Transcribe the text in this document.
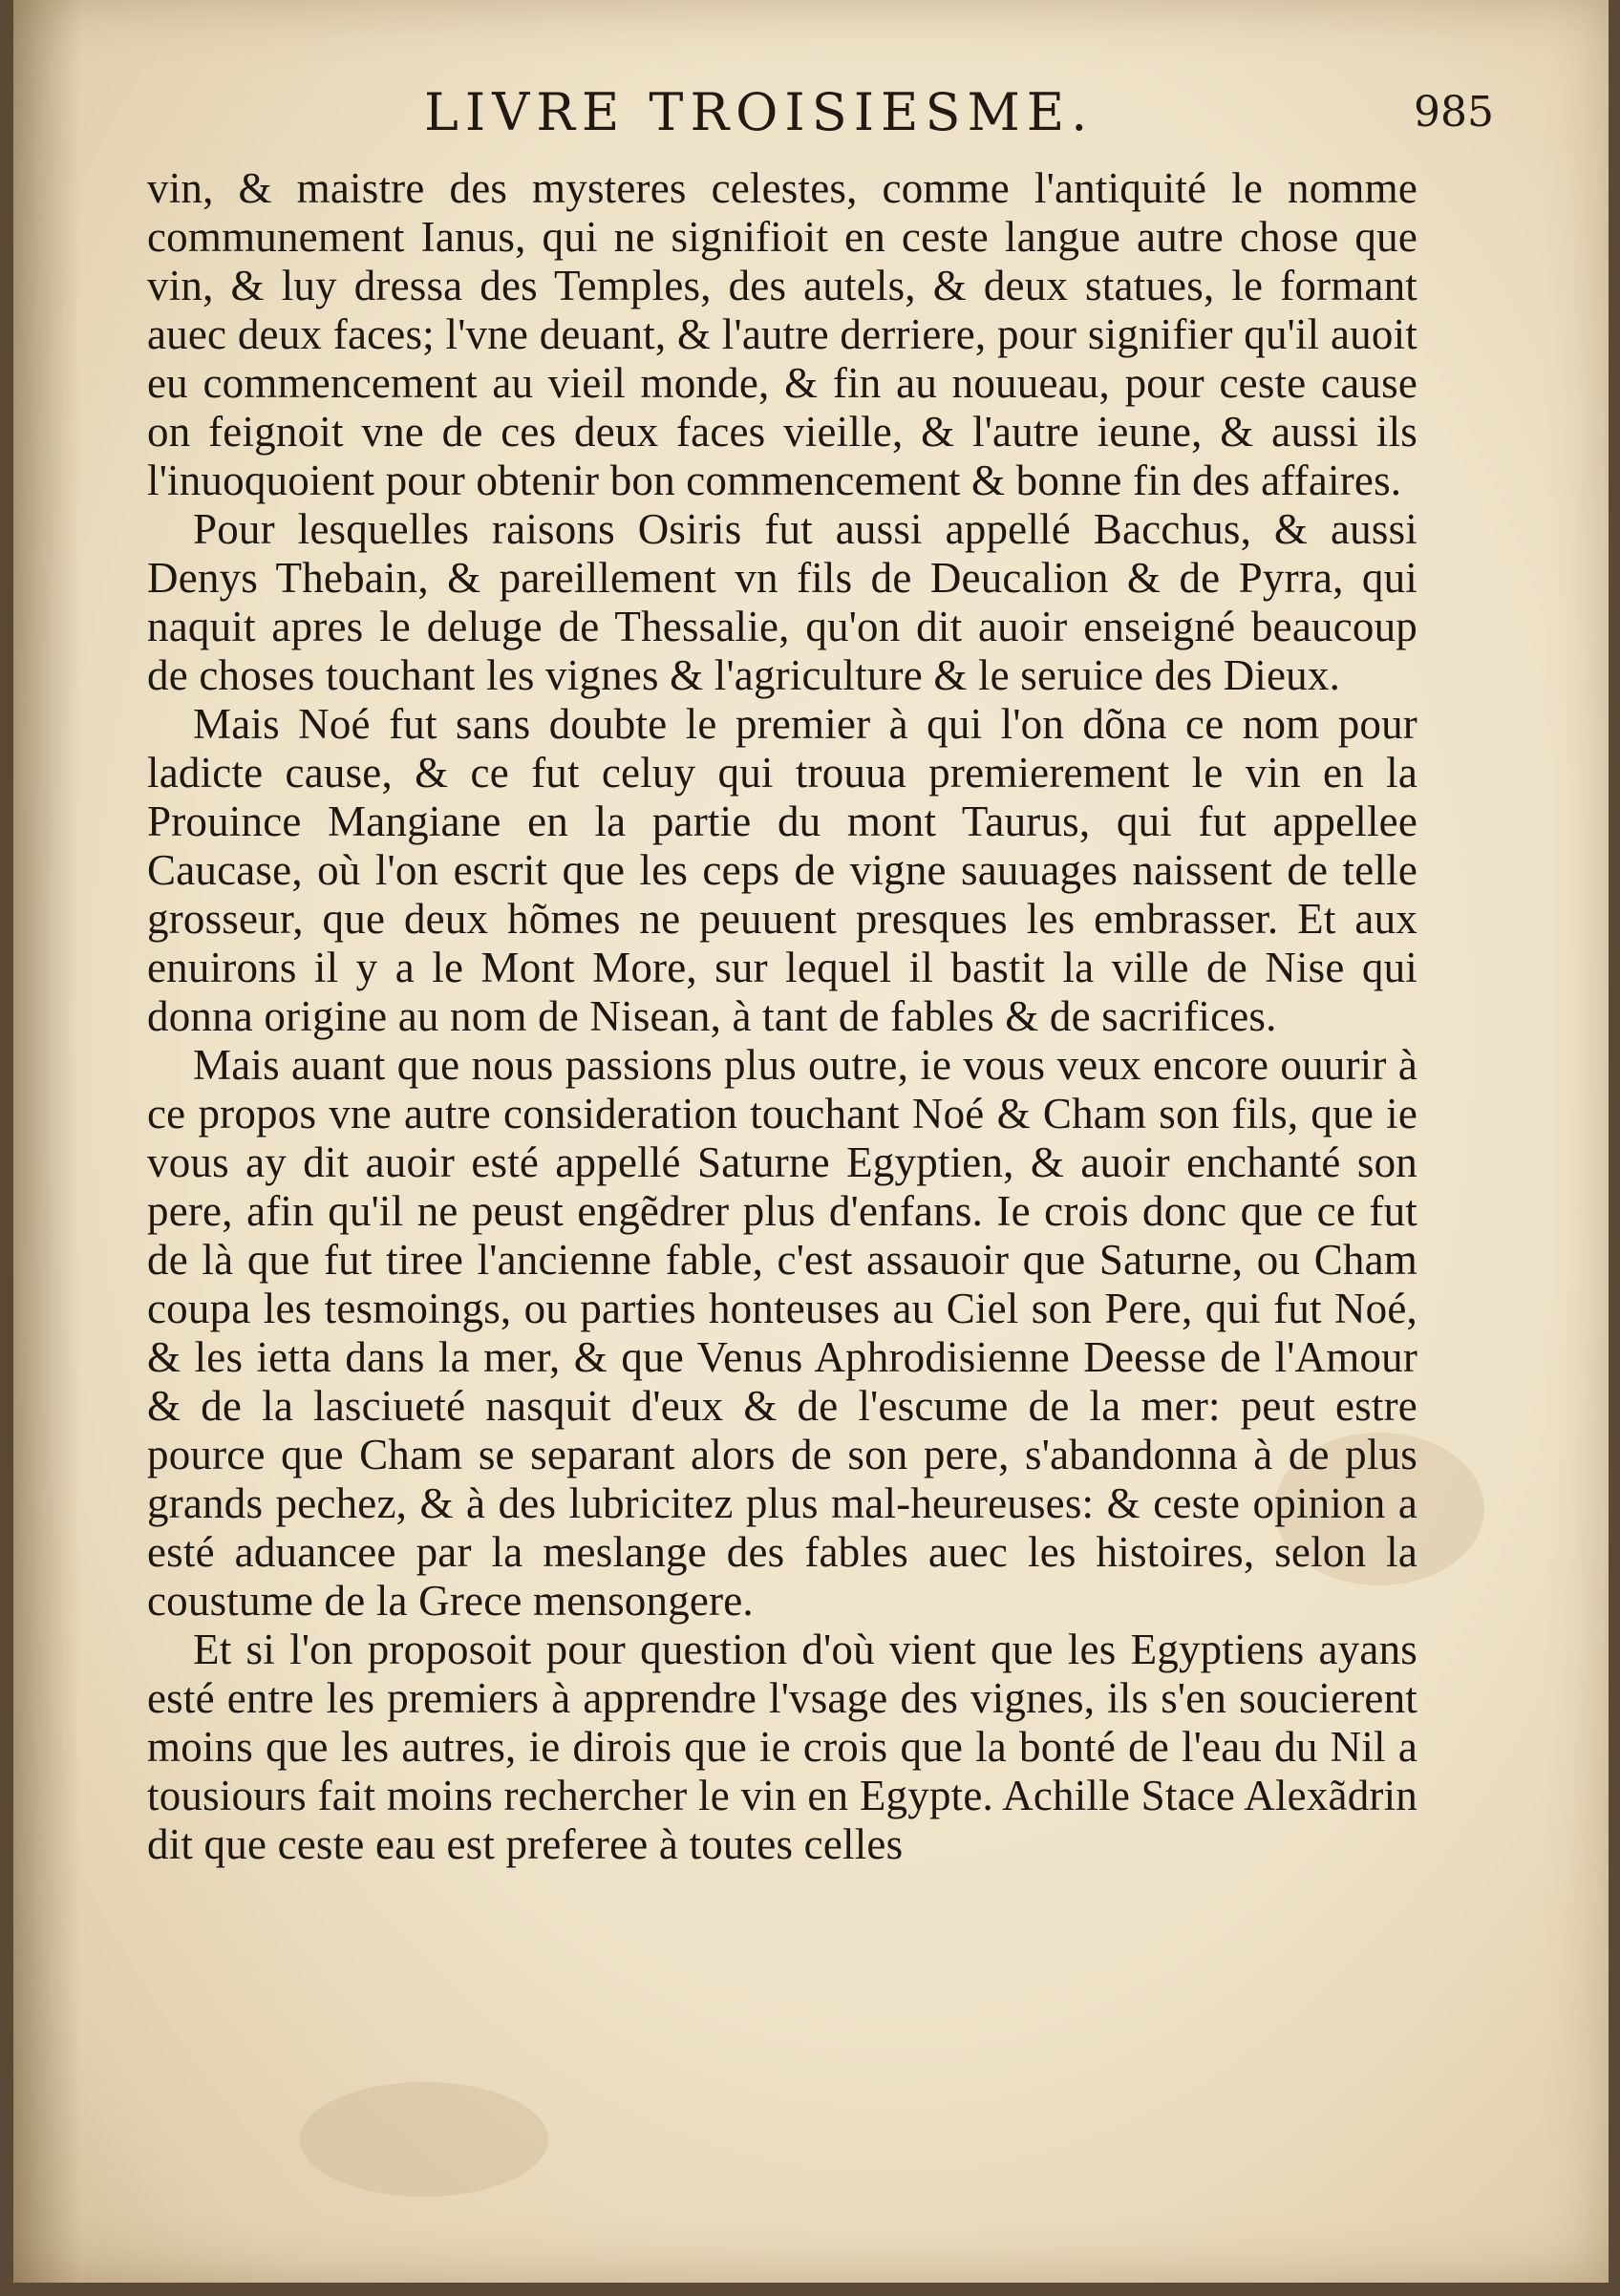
LIVRE TROISIESME.	985

vin, & maistre des mysteres celestes, comme l'antiquité le nomme communement Ianus, qui ne signifioit en ceste langue autre chose que vin, & luy dressa des Temples, des autels, & deux statues, le formant auec deux faces; l'vne deuant, & l'autre derriere, pour signifier qu'il auoit eu commencement au vieil monde, & fin au nouueau, pour ceste cause on feignoit vne de ces deux faces vieille, & l'autre ieune, & aussi ils l'inuoquoient pour obtenir bon commencement & bonne fin des affaires.

Pour lesquelles raisons Osiris fut aussi appellé Bacchus, & aussi Denys Thebain, & pareillement vn fils de Deucalion & de Pyrra, qui naquit apres le deluge de Thessalie, qu'on dit auoir enseigné beaucoup de choses touchant les vignes & l'agriculture & le seruice des Dieux.

Mais Noé fut sans doubte le premier à qui l'on dõna ce nom pour ladicte cause, & ce fut celuy qui trouua premierement le vin en la Prouince Mangiane en la partie du mont Taurus, qui fut appellee Caucase, où l'on escrit que les ceps de vigne sauuages naissent de telle grosseur, que deux hõmes ne peuuent presques les embrasser. Et aux enuirons il y a le Mont More, sur lequel il bastit la ville de Nise qui donna origine au nom de Nisean, à tant de fables & de sacrifices.

Mais auant que nous passions plus outre, ie vous veux encore ouurir à ce propos vne autre consideration touchant Noé & Cham son fils, que ie vous ay dit auoir esté appellé Saturne Egyptien, & auoir enchanté son pere, afin qu'il ne peust engẽdrer plus d'enfans. Ie crois donc que ce fut de là que fut tiree l'ancienne fable, c'est assauoir que Saturne, ou Cham coupa les tesmoings, ou parties honteuses au Ciel son Pere, qui fut Noé, & les ietta dans la mer, & que Venus Aphrodisienne Deesse de l'Amour & de la lasciueté nasquit d'eux & de l'escume de la mer: peut estre pource que Cham se separant alors de son pere, s'abandonna à de plus grands pechez, & à des lubricitez plus mal-heureuses: & ceste opinion a esté aduancee par la meslange des fables auec les histoires, selon la coustume de la Grece mensongere.

Et si l'on proposoit pour question d'où vient que les Egyptiens ayans esté entre les premiers à apprendre l'vsage des vignes, ils s'en soucierent moins que les autres, ie dirois que ie crois que la bonté de l'eau du Nil a tousiours fait moins rechercher le vin en Egypte. Achille Stace Alexãdrin dit que ceste eau est preferee à toutes celles
